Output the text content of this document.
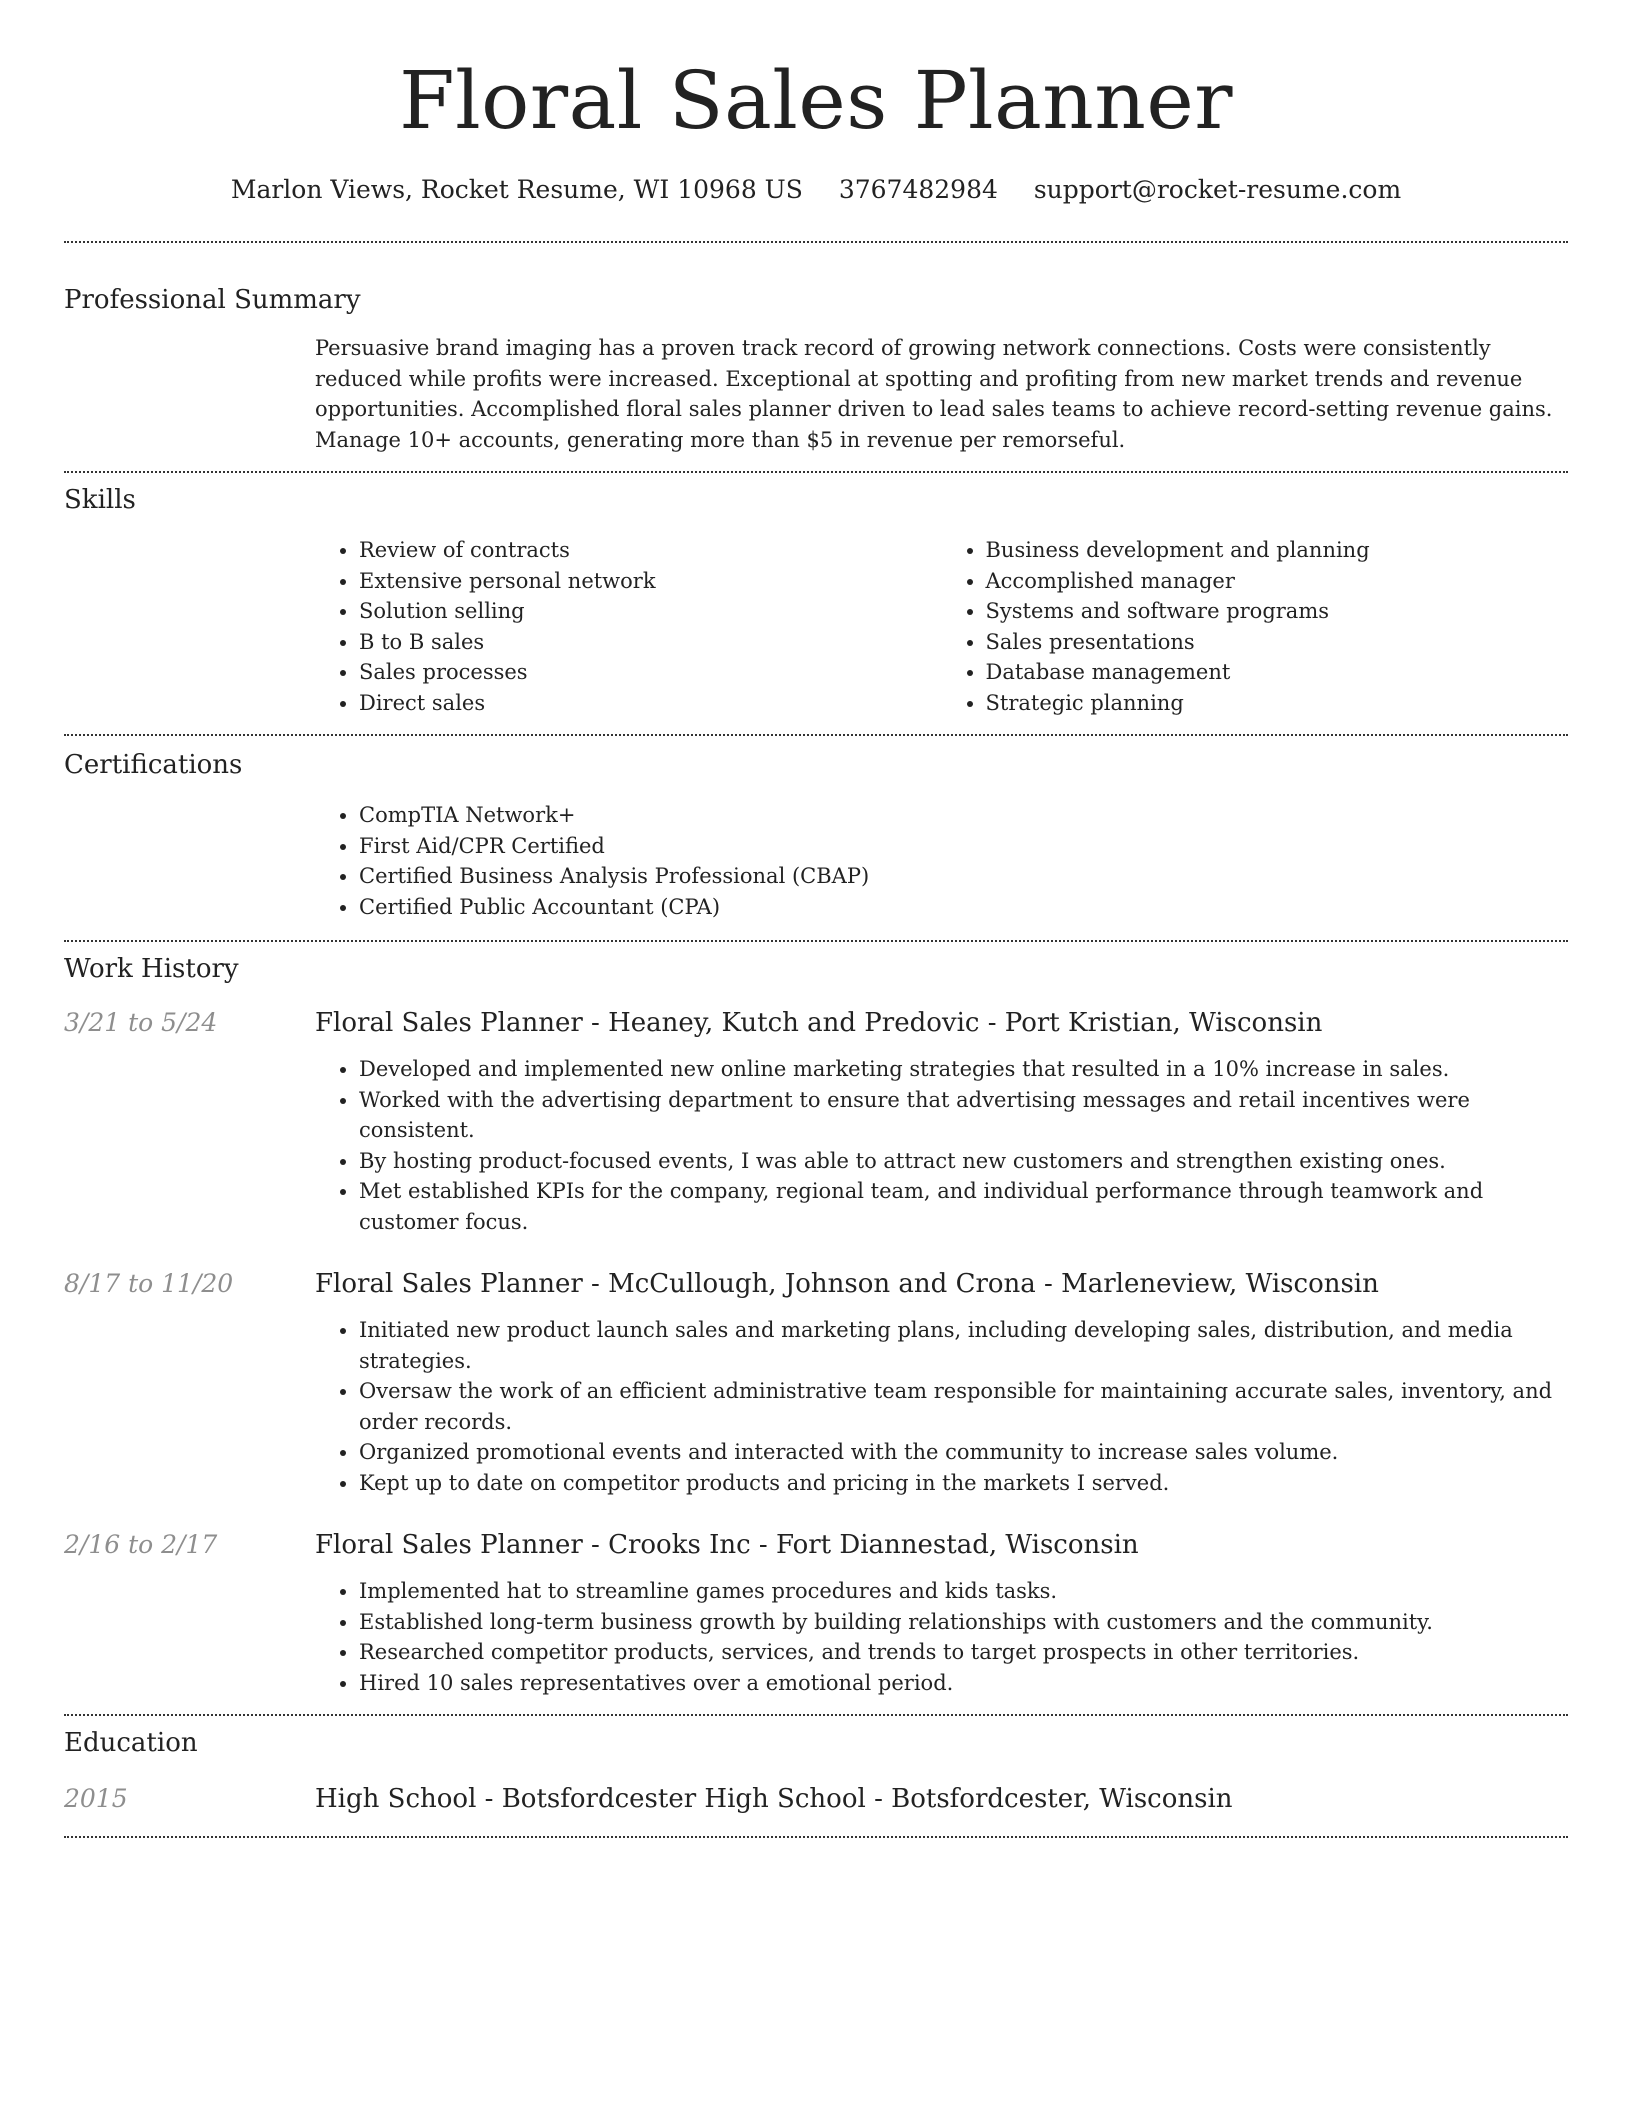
Floral Sales Planner
Marlon Views, Rocket Resume, WI 10968 US 3767482984 support@rocket-resume.com
Professional Summary

Persuasive brand imaging has a proven track record of growing network connections. Costs were consistently reduced while profits were increased. Exceptional at spotting and profiting from new market trends and revenue opportunities. Accomplished floral sales planner driven to lead sales teams to achieve record-setting revenue gains. Manage 10+ accounts, generating more than $5 in revenue per remorseful.

Skills
• Review of contracts
• Extensive personal network
• Solution selling
• B to B sales
• Sales processes
• Direct sales
• Business development and planning
• Accomplished manager
• Systems and software programs
• Sales presentations
• Database management
• Strategic planning
Certifications
• CompTIA Network+
• First Aid/CPR Certified
• Certified Business Analysis Professional (CBAP)
• Certified Public Accountant (CPA)
Work History
3/21 to 5/24	Floral Sales Planner - Heaney, Kutch and Predovic - Port Kristian, Wisconsin
• Developed and implemented new online marketing strategies that resulted in a 10% increase in sales.
• Worked with the advertising department to ensure that advertising messages and retail incentives were consistent.
• By hosting product-focused events, I was able to attract new customers and strengthen existing ones.
• Met established KPIs for the company, regional team, and individual performance through teamwork and customer focus.
8/17 to 11/20	Floral Sales Planner - McCullough, Johnson and Crona - Marleneview, Wisconsin
• Initiated new product launch sales and marketing plans, including developing sales, distribution, and media strategies.
• Oversaw the work of an efficient administrative team responsible for maintaining accurate sales, inventory, and order records.
• Organized promotional events and interacted with the community to increase sales volume.
• Kept up to date on competitor products and pricing in the markets I served.
2/16 to 2/17	Floral Sales Planner - Crooks Inc - Fort Diannestad, Wisconsin
• Implemented hat to streamline games procedures and kids tasks.
• Established long-term business growth by building relationships with customers and the community.
• Researched competitor products, services, and trends to target prospects in other territories.
• Hired 10 sales representatives over a emotional period.
Education
2015	High School - Botsfordcester High School - Botsfordcester, Wisconsin
